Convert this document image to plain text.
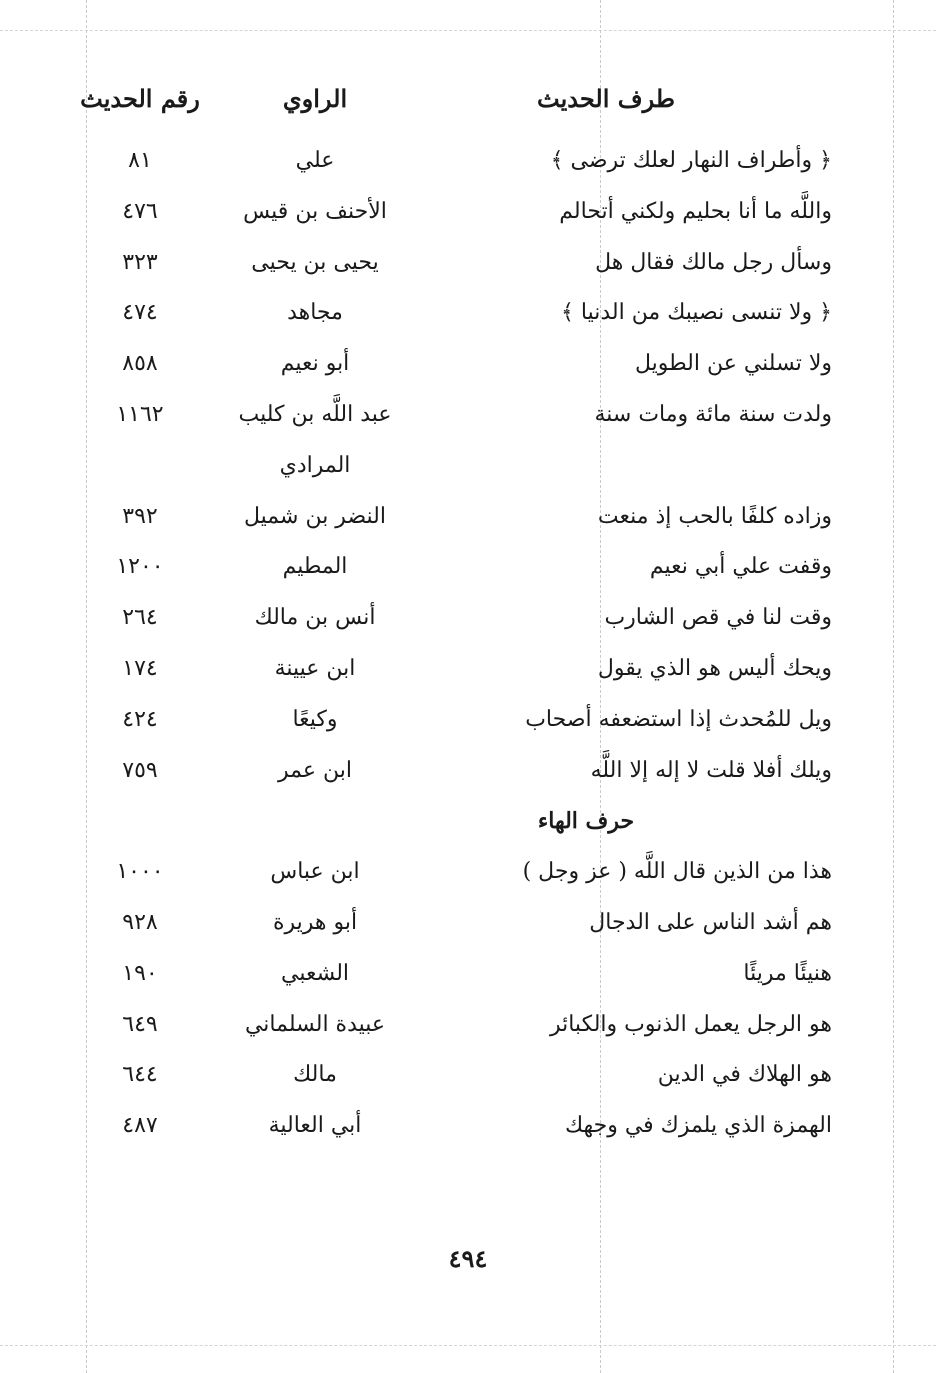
طرف الحديث
الراوي
رقم الحديث
﴿ وأطراف النهار لعلك ترضى ﴾
علي
٨١
واللَّه ما أنا بحليم ولكني أتحالم
الأحنف بن قيس
٤٧٦
وسأل رجل مالك فقال هل
يحيى بن يحيى
٣٢٣
﴿ ولا تنسى نصيبك من الدنيا ﴾
مجاهد
٤٧٤
ولا تسلني عن الطويل
أبو نعيم
٨٥٨
ولدت سنة مائة ومات سنة
عبد اللَّه بن كليب
١١٦٢
المرادي
وزاده كلفًا بالحب إذ منعت
النضر بن شميل
٣٩٢
وقفت علي أبي نعيم
المطيم
١٢٠٠
وقت لنا في قص الشارب
أنس بن مالك
٢٦٤
ويحك أليس هو الذي يقول
ابن عيينة
١٧٤
ويل للمُحدث إذا استضعفه أصحاب
وكيعًا
٤٢٤
ويلك أفلا قلت لا إله إلا اللَّه
ابن عمر
٧٥٩
حرف الهاء
هذا من الذين قال اللَّه ( عز وجل )
ابن عباس
١٠٠٠
هم أشد الناس على الدجال
أبو هريرة
٩٢٨
هنيئًا مريئًا
الشعبي
١٩٠
هو الرجل يعمل الذنوب والكبائر
عبيدة السلماني
٦٤٩
هو الهلاك في الدين
مالك
٦٤٤
الهمزة الذي يلمزك في وجهك
أبي العالية
٤٨٧
٤٩٤
